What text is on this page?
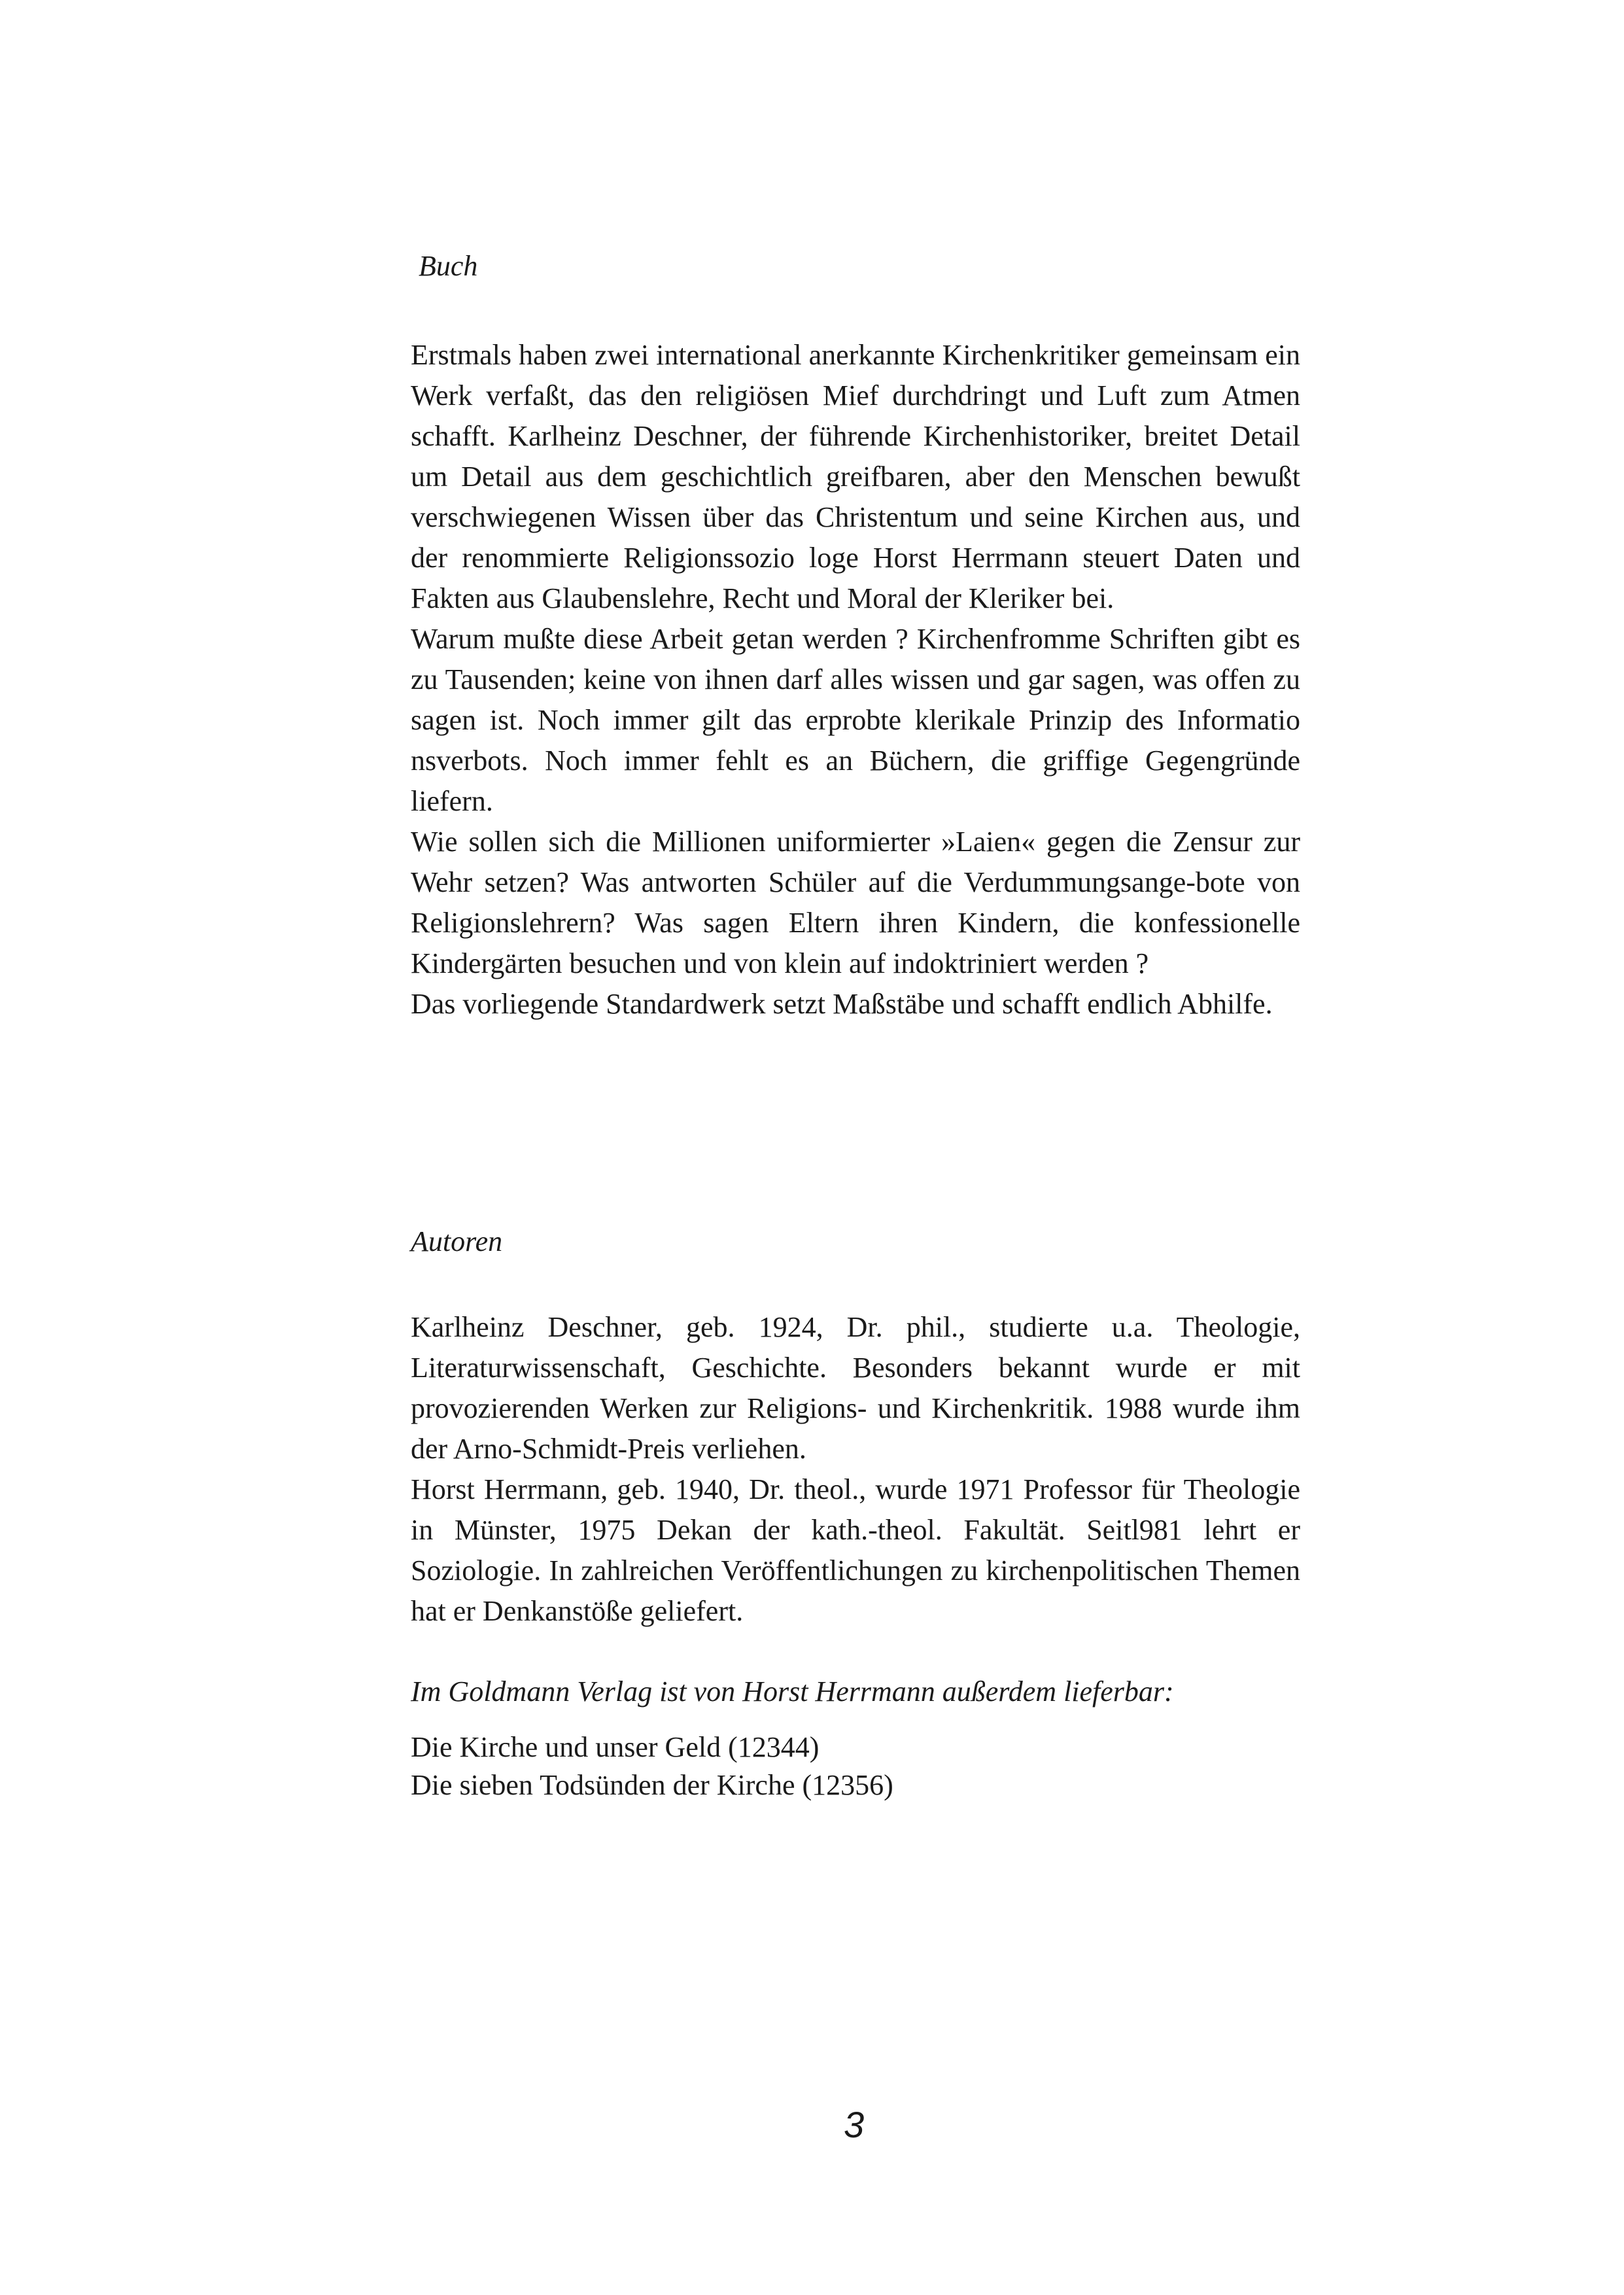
Buch

Erstmals haben zwei international anerkannte Kirchenkritiker gemeinsam ein Werk verfaßt, das den religiösen Mief durchdringt und Luft zum Atmen schafft. Karlheinz Deschner, der führende Kirchenhistoriker, breitet Detail um Detail aus dem geschichtlich greifbaren, aber den Menschen bewußt verschwiegenen Wissen über das Christentum und seine Kirchen aus, und der renommierte Religionssozio loge Horst Herrmann steuert Daten und Fakten aus Glaubenslehre, Recht und Moral der Kleriker bei.

Warum mußte diese Arbeit getan werden ? Kirchenfromme Schriften gibt es zu Tausenden; keine von ihnen darf alles wissen und gar sagen, was offen zu sagen ist. Noch immer gilt das erprobte klerikale Prinzip des Informatio nsverbots. Noch immer fehlt es an Büchern, die griffige Gegengründe liefern.

Wie sollen sich die Millionen uniformierter »Laien« gegen die Zensur zur Wehr setzen? Was antworten Schüler auf die Verdummungsange-bote von Religionslehrern? Was sagen Eltern ihren Kindern, die konfessionelle Kindergärten besuchen und von klein auf indoktriniert werden ?

Das vorliegende Standardwerk setzt Maßstäbe und schafft endlich Abhilfe.

Autoren

Karlheinz Deschner, geb. 1924, Dr. phil., studierte u.a. Theologie, Literaturwissenschaft, Geschichte. Besonders bekannt wurde er mit provozierenden Werken zur Religions- und Kirchenkritik. 1988 wurde ihm der Arno-Schmidt-Preis verliehen.

Horst Herrmann, geb. 1940, Dr. theol., wurde 1971 Professor für Theologie in Münster, 1975 Dekan der kath.-theol. Fakultät. Seitl981 lehrt er Soziologie. In zahlreichen Veröffentlichungen zu kirchenpolitischen Themen hat er Denkanstöße geliefert.

Im Goldmann Verlag ist von Horst Herrmann außerdem lieferbar:

Die Kirche und unser Geld (12344)

Die sieben Todsünden der Kirche (12356)

3
